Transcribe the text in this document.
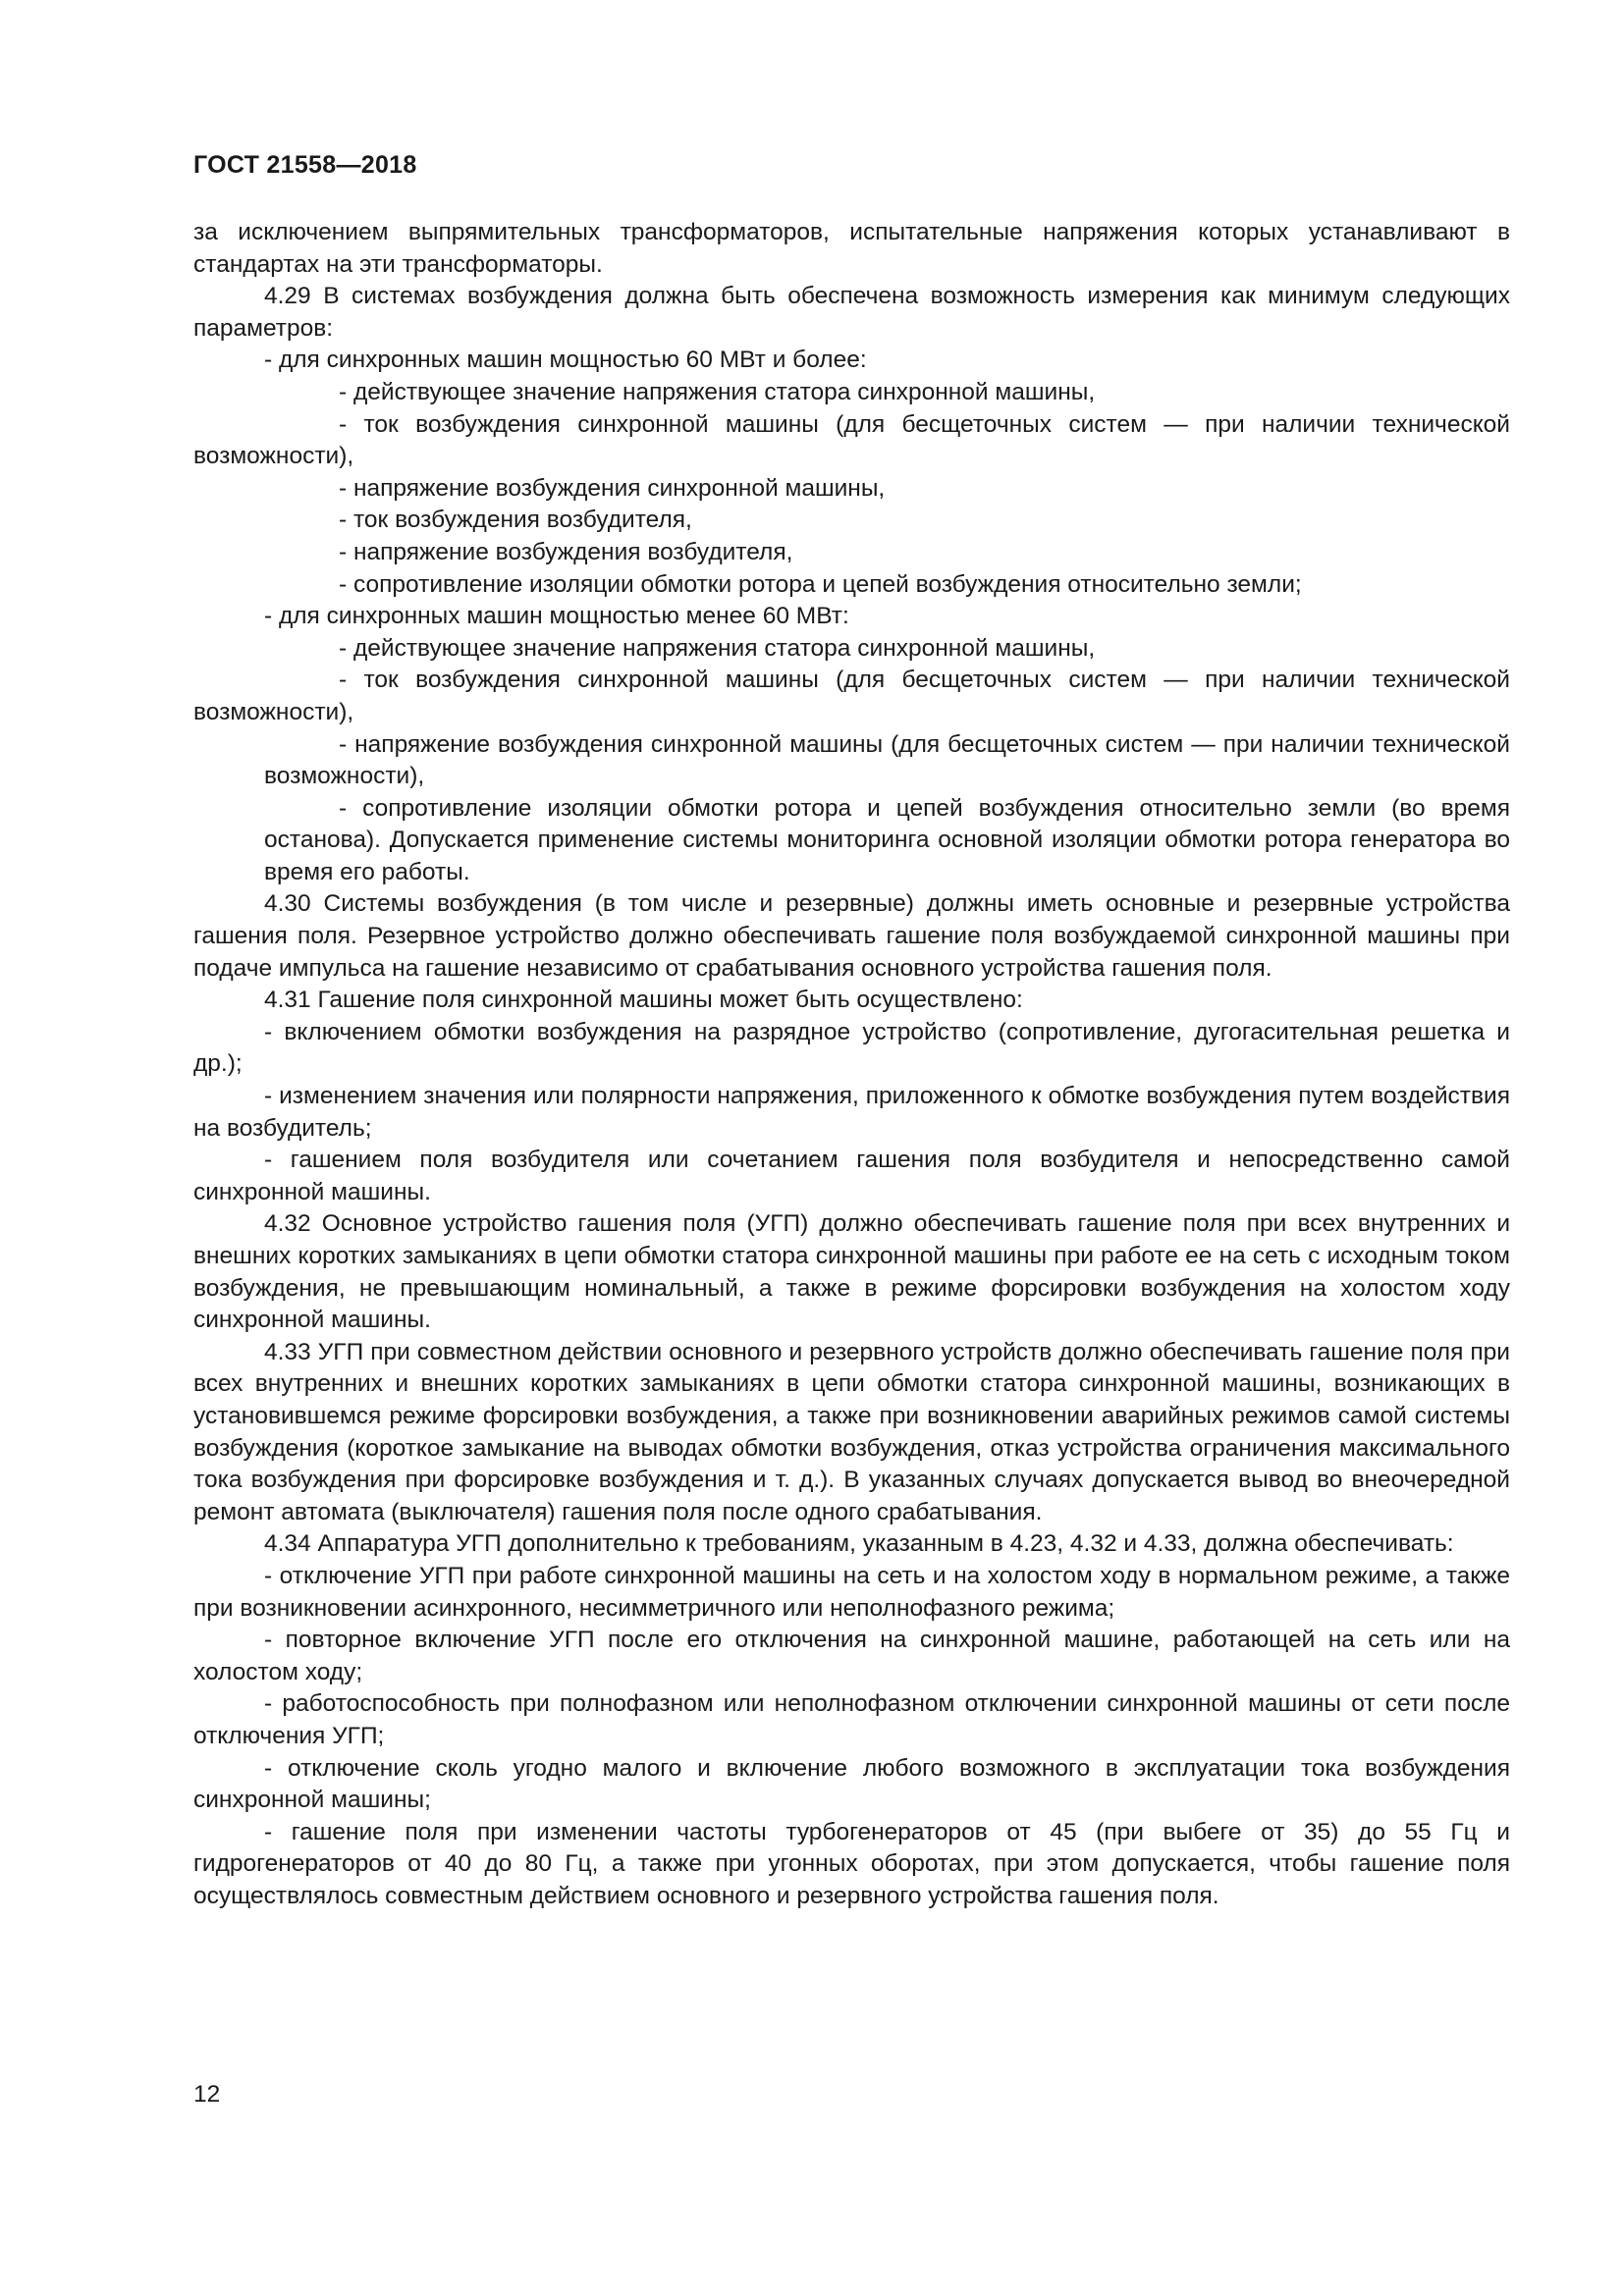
ГОСТ 21558—2018

за исключением выпрямительных трансформаторов, испытательные напряжения которых устанавливают в стандартах на эти трансформаторы.

4.29 В системах возбуждения должна быть обеспечена возможность измерения как минимум следующих параметров:

- для синхронных машин мощностью 60 МВт и более:

- действующее значение напряжения статора синхронной машины,

- ток возбуждения синхронной машины (для бесщеточных систем — при наличии технической возможности),

- напряжение возбуждения синхронной машины,

- ток возбуждения возбудителя,

- напряжение возбуждения возбудителя,

- сопротивление изоляции обмотки ротора и цепей возбуждения относительно земли;

- для синхронных машин мощностью менее 60 МВт:

- действующее значение напряжения статора синхронной машины,

- ток возбуждения синхронной машины (для бесщеточных систем — при наличии технической возможности),

- напряжение возбуждения синхронной машины (для бесщеточных систем — при наличии технической возможности),

- сопротивление изоляции обмотки ротора и цепей возбуждения относительно земли (во время останова). Допускается применение системы мониторинга основной изоляции обмотки ротора генератора во время его работы.

4.30 Системы возбуждения (в том числе и резервные) должны иметь основные и резервные устройства гашения поля. Резервное устройство должно обеспечивать гашение поля возбуждаемой синхронной машины при подаче импульса на гашение независимо от срабатывания основного устройства гашения поля.

4.31 Гашение поля синхронной машины может быть осуществлено:

- включением обмотки возбуждения на разрядное устройство (сопротивление, дугогасительная решетка и др.);

- изменением значения или полярности напряжения, приложенного к обмотке возбуждения путем воздействия на возбудитель;

- гашением поля возбудителя или сочетанием гашения поля возбудителя и непосредственно самой синхронной машины.

4.32 Основное устройство гашения поля (УГП) должно обеспечивать гашение поля при всех внутренних и внешних коротких замыканиях в цепи обмотки статора синхронной машины при работе ее на сеть с исходным током возбуждения, не превышающим номинальный, а также в режиме форсировки возбуждения на холостом ходу синхронной машины.

4.33 УГП при совместном действии основного и резервного устройств должно обеспечивать гашение поля при всех внутренних и внешних коротких замыканиях в цепи обмотки статора синхронной машины, возникающих в установившемся режиме форсировки возбуждения, а также при возникновении аварийных режимов самой системы возбуждения (короткое замыкание на выводах обмотки возбуждения, отказ устройства ограничения максимального тока возбуждения при форсировке возбуждения и т. д.). В указанных случаях допускается вывод во внеочередной ремонт автомата (выключателя) гашения поля после одного срабатывания.

4.34 Аппаратура УГП дополнительно к требованиям, указанным в 4.23, 4.32 и 4.33, должна обеспечивать:

- отключение УГП при работе синхронной машины на сеть и на холостом ходу в нормальном режиме, а также при возникновении асинхронного, несимметричного или неполнофазного режима;

- повторное включение УГП после его отключения на синхронной машине, работающей на сеть или на холостом ходу;

- работоспособность при полнофазном или неполнофазном отключении синхронной машины от сети после отключения УГП;

- отключение сколь угодно малого и включение любого возможного в эксплуатации тока возбуждения синхронной машины;

- гашение поля при изменении частоты турбогенераторов от 45 (при выбеге от 35) до 55 Гц и гидрогенераторов от 40 до 80 Гц, а также при угонных оборотах, при этом допускается, чтобы гашение поля осуществлялось совместным действием основного и резервного устройства гашения поля.

12
